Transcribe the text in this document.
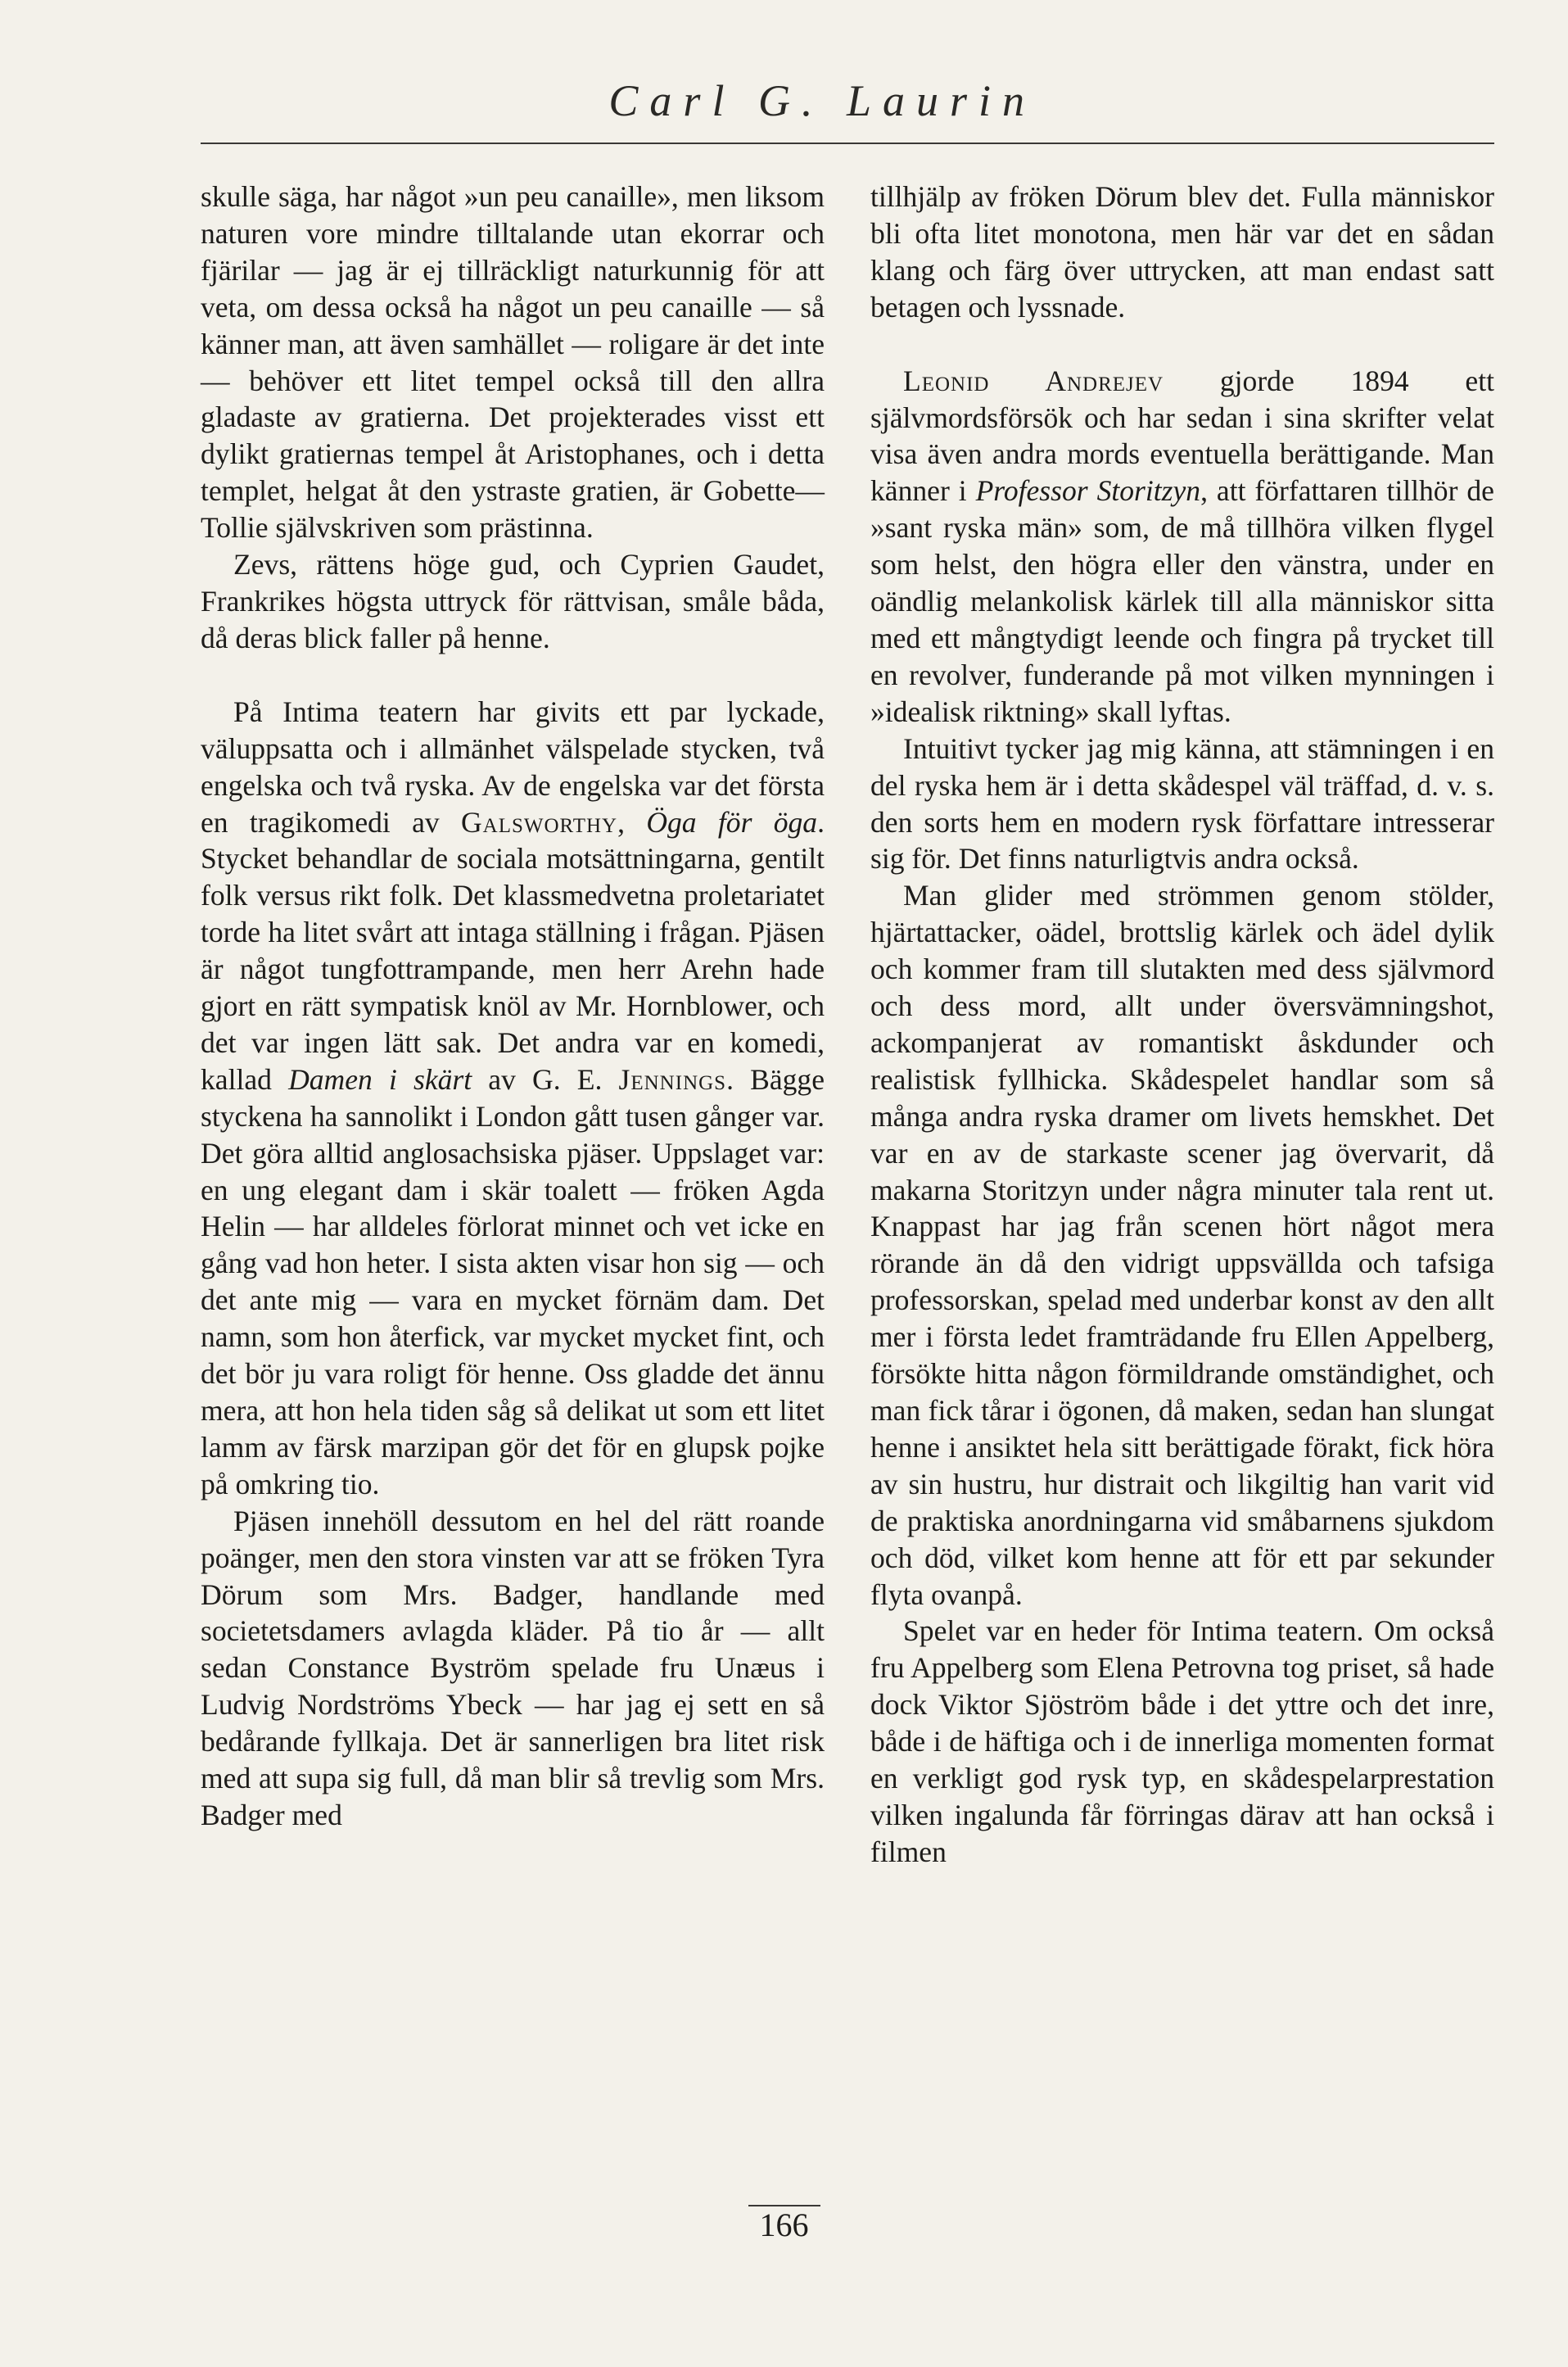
Carl G. Laurin

skulle säga, har något »un peu canaille», men liksom naturen vore mindre tilltalande utan ekorrar och fjärilar — jag är ej tillräckligt naturkunnig för att veta, om dessa också ha något un peu canaille — så känner man, att även samhället — roligare är det inte — behöver ett litet tempel också till den allra gladaste av gratierna. Det projekterades visst ett dylikt gratiernas tempel åt Aristophanes, och i detta templet, helgat åt den ystraste gratien, är Gobette—Tollie självskriven som prästinna.

Zevs, rättens höge gud, och Cyprien Gaudet, Frankrikes högsta uttryck för rättvisan, småle båda, då deras blick faller på henne.

På Intima teatern har givits ett par lyckade, väluppsatta och i allmänhet välspelade stycken, två engelska och två ryska. Av de engelska var det första en tragikomedi av Galsworthy, Öga för öga. Stycket behandlar de sociala motsättningarna, gentilt folk versus rikt folk. Det klassmedvetna proletariatet torde ha litet svårt att intaga ställning i frågan. Pjäsen är något tungfottrampande, men herr Arehn hade gjort en rätt sympatisk knöl av Mr. Hornblower, och det var ingen lätt sak. Det andra var en komedi, kallad Damen i skärt av G. E. Jennings. Bägge styckena ha sannolikt i London gått tusen gånger var. Det göra alltid anglosachsiska pjäser. Uppslaget var: en ung elegant dam i skär toalett — fröken Agda Helin — har alldeles förlorat minnet och vet icke en gång vad hon heter. I sista akten visar hon sig — och det ante mig — vara en mycket förnäm dam. Det namn, som hon återfick, var mycket mycket fint, och det bör ju vara roligt för henne. Oss gladde det ännu mera, att hon hela tiden såg så delikat ut som ett litet lamm av färsk marzipan gör det för en glupsk pojke på omkring tio.

Pjäsen innehöll dessutom en hel del rätt roande poänger, men den stora vinsten var att se fröken Tyra Dörum som Mrs. Badger, handlande med societetsdamers avlagda kläder. På tio år — allt sedan Constance Byström spelade fru Unæus i Ludvig Nordströms Ybeck — har jag ej sett en så bedårande fyllkaja. Det är sannerligen bra litet risk med att supa sig full, då man blir så trevlig som Mrs. Badger med

tillhjälp av fröken Dörum blev det. Fulla människor bli ofta litet monotona, men här var det en sådan klang och färg över uttrycken, att man endast satt betagen och lyssnade.

Leonid Andrejev gjorde 1894 ett självmordsförsök och har sedan i sina skrifter velat visa även andra mords eventuella berättigande. Man känner i Professor Storitzyn, att författaren tillhör de »sant ryska män» som, de må tillhöra vilken flygel som helst, den högra eller den vänstra, under en oändlig melankolisk kärlek till alla människor sitta med ett mångtydigt leende och fingra på trycket till en revolver, funderande på mot vilken mynningen i »idealisk riktning» skall lyftas.

Intuitivt tycker jag mig känna, att stämningen i en del ryska hem är i detta skådespel väl träffad, d. v. s. den sorts hem en modern rysk författare intresserar sig för. Det finns naturligtvis andra också.

Man glider med strömmen genom stölder, hjärtattacker, oädel, brottslig kärlek och ädel dylik och kommer fram till slutakten med dess självmord och dess mord, allt under översvämningshot, ackompanjerat av romantiskt åskdunder och realistisk fyllhicka. Skådespelet handlar som så många andra ryska dramer om livets hemskhet. Det var en av de starkaste scener jag övervarit, då makarna Storitzyn under några minuter tala rent ut. Knappast har jag från scenen hört något mera rörande än då den vidrigt uppsvällda och tafsiga professorskan, spelad med underbar konst av den allt mer i första ledet framträdande fru Ellen Appelberg, försökte hitta någon förmildrande omständighet, och man fick tårar i ögonen, då maken, sedan han slungat henne i ansiktet hela sitt berättigade förakt, fick höra av sin hustru, hur distrait och likgiltig han varit vid de praktiska anordningarna vid småbarnens sjukdom och död, vilket kom henne att för ett par sekunder flyta ovanpå.

Spelet var en heder för Intima teatern. Om också fru Appelberg som Elena Petrovna tog priset, så hade dock Viktor Sjöström både i det yttre och det inre, både i de häftiga och i de innerliga momenten format en verkligt god rysk typ, en skådespelarprestation vilken ingalunda får förringas därav att han också i filmen

166
